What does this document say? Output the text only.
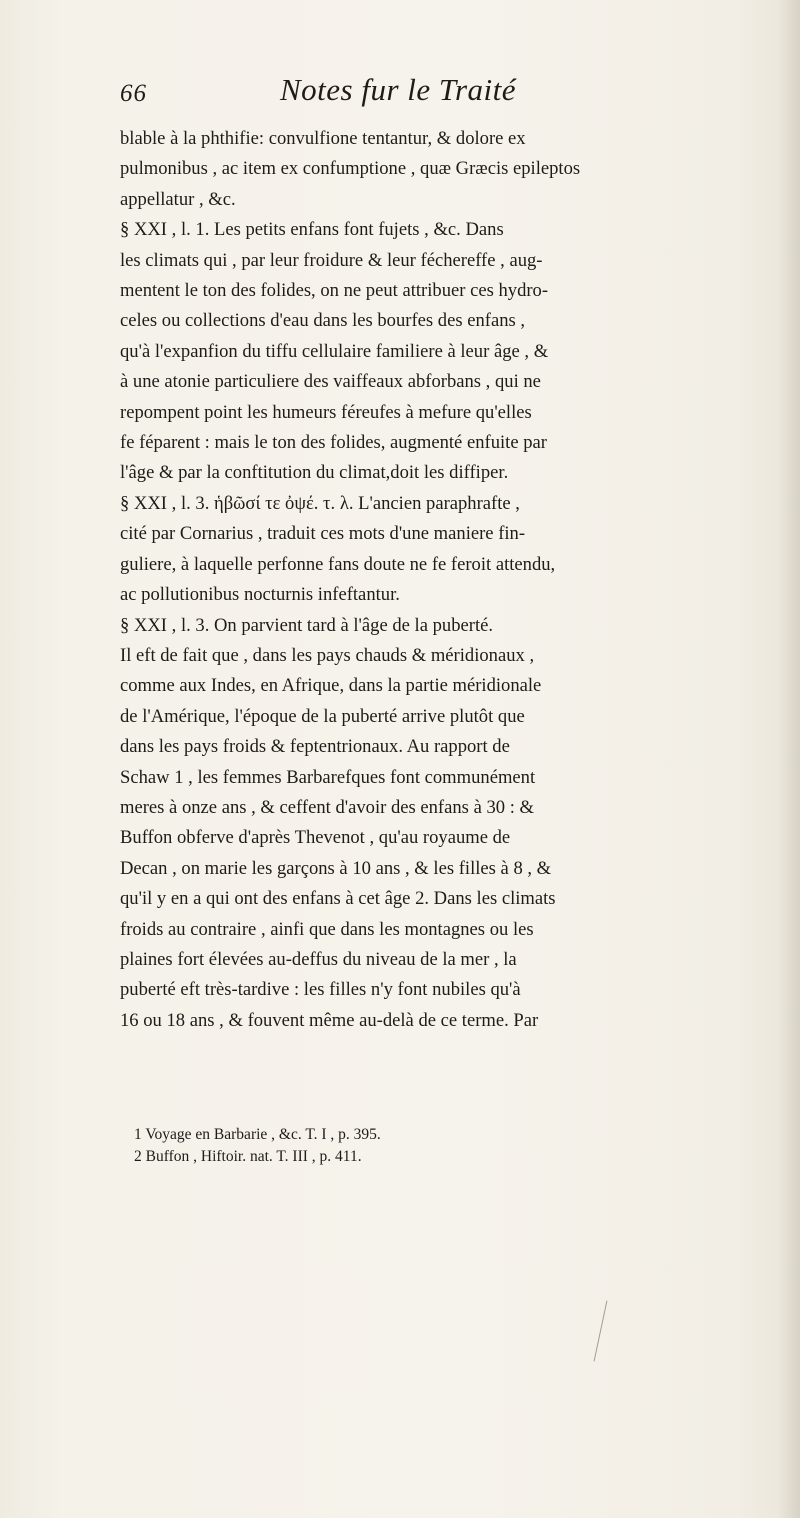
66	Notes fur le Traité
blable à la phthifie: convulfione tentantur, & dolore ex
pulmonibus , ac item ex confumptione , quæ Græcis epileptos
appellatur , &c.
§ XXI , l. 1. Les petits enfans font fujets , &c. Dans
les climats qui , par leur froidure & leur féchereffe , aug-
mentent le ton des folides, on ne peut attribuer ces hydro-
celes ou collections d'eau dans les bourfes des enfans ,
qu'à l'expanfion du tiffu cellulaire familiere à leur âge , &
à une atonie particuliere des vaiffeaux abforbans , qui ne
repompent point les humeurs féreufes à mefure qu'elles
fe féparent : mais le ton des folides, augmenté enfuite par
l'âge & par la conftitution du climat,doit les diffiper.
§ XXI , l. 3. ἡβῶσί τε ὀψέ. τ. λ. L'ancien paraphrafte ,
cité par Cornarius , traduit ces mots d'une maniere fin-
guliere, à laquelle perfonne fans doute ne fe feroit attendu,
ac pollutionibus nocturnis infeftantur.
§ XXI , l. 3. On parvient tard à l'âge de la puberté.
Il eft de fait que , dans les pays chauds & méridionaux ,
comme aux Indes, en Afrique, dans la partie méridionale
de l'Amérique, l'époque de la puberté arrive plutôt que
dans les pays froids & feptentrionaux. Au rapport de
Schaw 1 , les femmes Barbarefques font communément
meres à onze ans , & ceffent d'avoir des enfans à 30 : &
Buffon obferve d'après Thevenot , qu'au royaume de
Decan , on marie les garçons à 10 ans , & les filles à 8 , &
qu'il y en a qui ont des enfans à cet âge 2. Dans les climats
froids au contraire , ainfi que dans les montagnes ou les
plaines fort élevées au-deffus du niveau de la mer , la
puberté eft très-tardive : les filles n'y font nubiles qu'à
16 ou 18 ans , & fouvent même au-delà de ce terme. Par

1 Voyage en Barbarie , &c. T. I , p. 395.

2 Buffon , Hiftoir. nat. T. III , p. 411.
